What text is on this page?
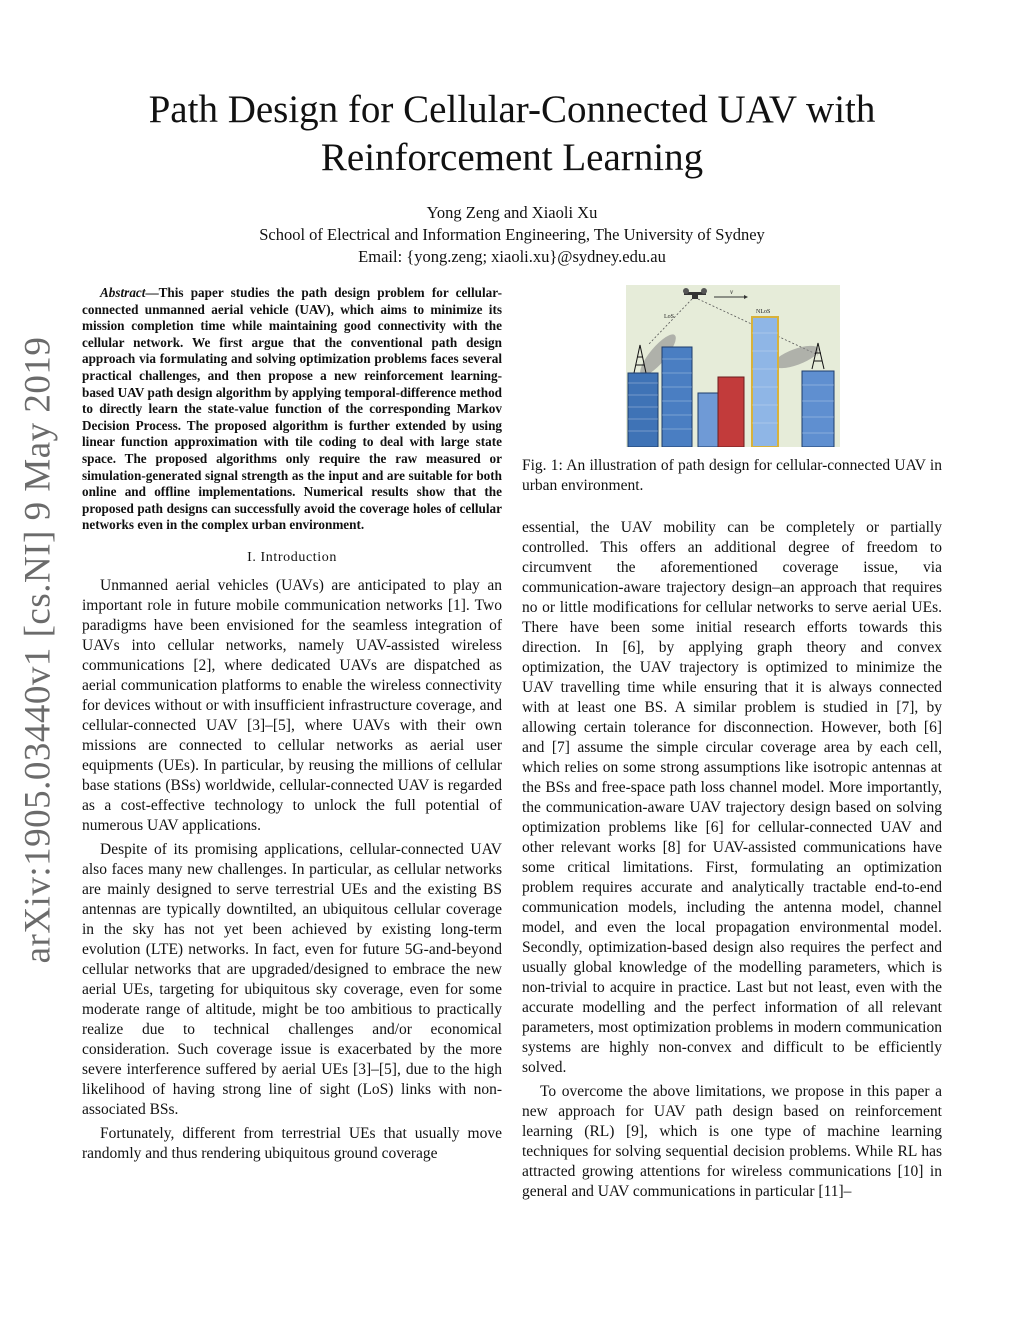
arXiv:1905.03440v1 [cs.NI] 9 May 2019
Path Design for Cellular-Connected UAV with
Reinforcement Learning
Yong Zeng and Xiaoli Xu
School of Electrical and Information Engineering, The University of Sydney
Email: {yong.zeng; xiaoli.xu}@sydney.edu.au
Abstract—This paper studies the path design problem for cellular-connected unmanned aerial vehicle (UAV), which aims to minimize its mission completion time while maintaining good connectivity with the cellular network. We first argue that the conventional path design approach via formulating and solving optimization problems faces several practical challenges, and then propose a new reinforcement learning-based UAV path design algorithm by applying temporal-difference method to directly learn the state-value function of the corresponding Markov Decision Process. The proposed algorithm is further extended by using linear function approximation with tile coding to deal with large state space. The proposed algorithms only require the raw measured or simulation-generated signal strength as the input and are suitable for both online and offline implementations. Numerical results show that the proposed path designs can successfully avoid the coverage holes of cellular networks even in the complex urban environment.
I. Introduction

Unmanned aerial vehicles (UAVs) are anticipated to play an important role in future mobile communication networks [1]. Two paradigms have been envisioned for the seamless integration of UAVs into cellular networks, namely UAV-assisted wireless communications [2], where dedicated UAVs are dispatched as aerial communication platforms to enable the wireless connectivity for devices without or with insufficient infrastructure coverage, and cellular-connected UAV [3]–[5], where UAVs with their own missions are connected to cellular networks as aerial user equipments (UEs). In particular, by reusing the millions of cellular base stations (BSs) worldwide, cellular-connected UAV is regarded as a cost-effective technology to unlock the full potential of numerous UAV applications.

Despite of its promising applications, cellular-connected UAV also faces many new challenges. In particular, as cellular networks are mainly designed to serve terrestrial UEs and the existing BS antennas are typically downtilted, an ubiquitous cellular coverage in the sky has not yet been achieved by existing long-term evolution (LTE) networks. In fact, even for future 5G-and-beyond cellular networks that are upgraded/designed to embrace the new aerial UEs, targeting for ubiquitous sky coverage, even for some moderate range of altitude, might be too ambitious to practically realize due to technical challenges and/or economical consideration. Such coverage issue is exacerbated by the more severe interference suffered by aerial UEs [3]–[5], due to the high likelihood of having strong line of sight (LoS) links with non-associated BSs.

Fortunately, different from terrestrial UEs that usually move randomly and thus rendering ubiquitous ground coverage

v
LoS
NLoS
Fig. 1: An illustration of path design for cellular-connected UAV in urban environment.

essential, the UAV mobility can be completely or partially controlled. This offers an additional degree of freedom to circumvent the aforementioned coverage issue, via communication-aware trajectory design–an approach that requires no or little modifications for cellular networks to serve aerial UEs. There have been some initial research efforts towards this direction. In [6], by applying graph theory and convex optimization, the UAV trajectory is optimized to minimize the UAV travelling time while ensuring that it is always connected with at least one BS. A similar problem is studied in [7], by allowing certain tolerance for disconnection. However, both [6] and [7] assume the simple circular coverage area by each cell, which relies on some strong assumptions like isotropic antennas at the BSs and free-space path loss channel model. More importantly, the communication-aware UAV trajectory design based on solving optimization problems like [6] for cellular-connected UAV and other relevant works [8] for UAV-assisted communications have some critical limitations. First, formulating an optimization problem requires accurate and analytically tractable end-to-end communication models, including the antenna model, channel model, and even the local propagation environmental model. Secondly, optimization-based design also requires the perfect and usually global knowledge of the modelling parameters, which is non-trivial to acquire in practice. Last but not least, even with the accurate modelling and the perfect information of all relevant parameters, most optimization problems in modern communication systems are highly non-convex and difficult to be efficiently solved.

To overcome the above limitations, we propose in this paper a new approach for UAV path design based on reinforcement learning (RL) [9], which is one type of machine learning techniques for solving sequential decision problems. While RL has attracted growing attentions for wireless communications [10] in general and UAV communications in particular [11]–
